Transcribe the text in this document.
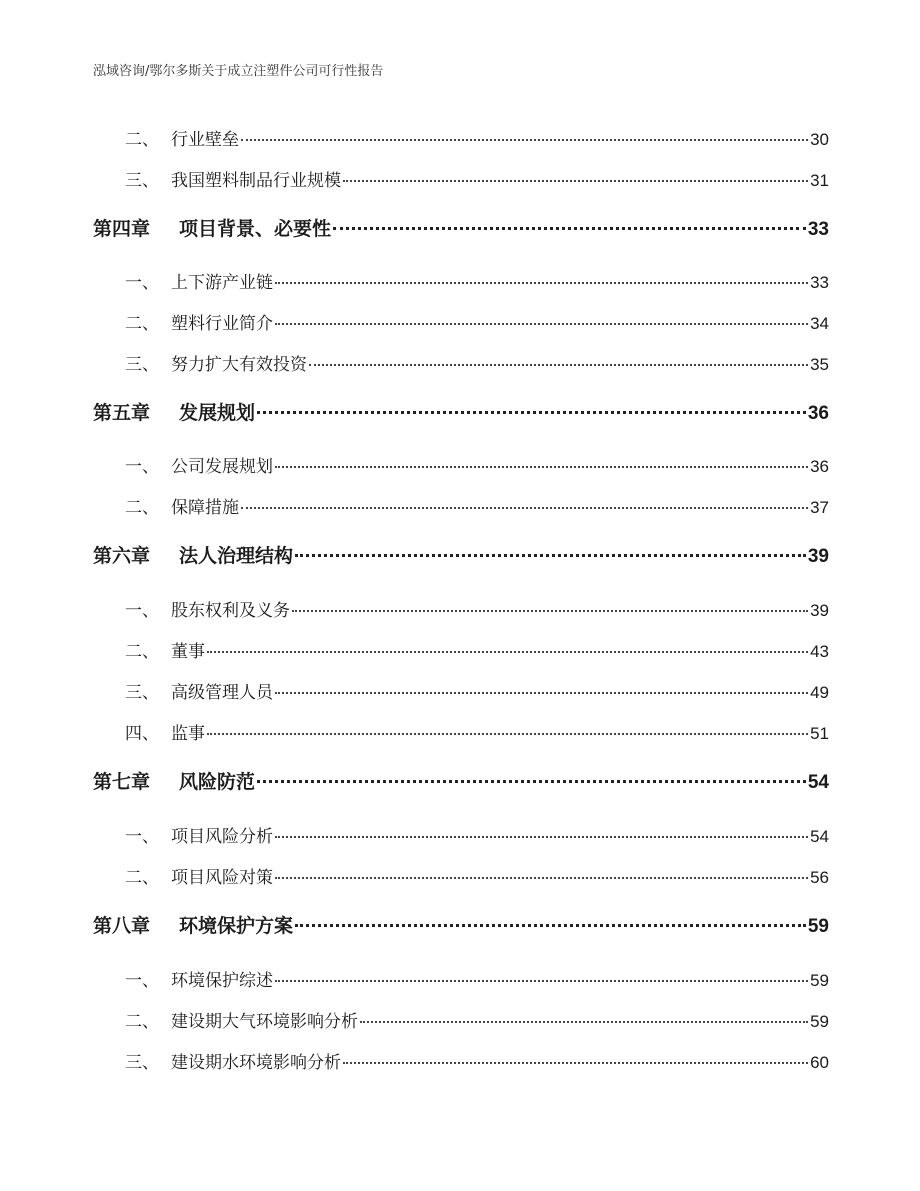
泓域咨询/鄂尔多斯关于成立注塑件公司可行性报告
二、 行业壁垒	30
三、 我国塑料制品行业规模	31
第四章	项目背景、必要性	33
一、 上下游产业链	33
二、 塑料行业简介	34
三、 努力扩大有效投资	35
第五章	发展规划	36
一、 公司发展规划	36
二、 保障措施	37
第六章	法人治理结构	39
一、 股东权利及义务	39
二、 董事	43
三、 高级管理人员	49
四、 监事	51
第七章	风险防范	54
一、 项目风险分析	54
二、 项目风险对策	56
第八章	环境保护方案	59
一、 环境保护综述	59
二、 建设期大气环境影响分析	59
三、 建设期水环境影响分析	60
